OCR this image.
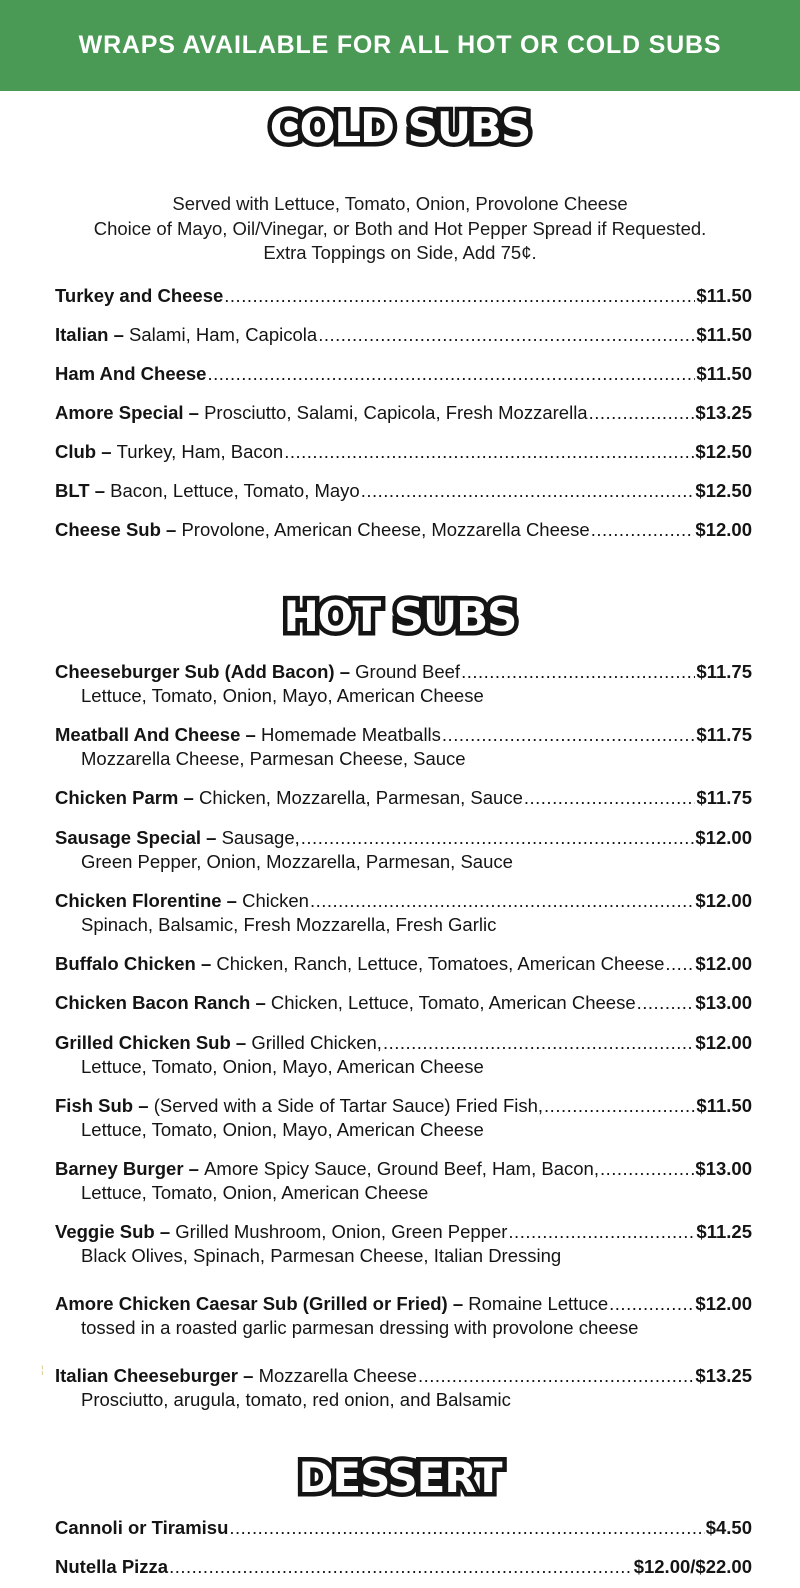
WRAPS AVAILABLE FOR ALL HOT OR COLD SUBS
COLD SUBS
Served with Lettuce, Tomato, Onion, Provolone Cheese
Choice of Mayo, Oil/Vinegar, or Both and Hot Pepper Spread if Requested.
Extra Toppings on Side, Add 75¢.
Turkey and Cheese .....	$11.50
Italian –
Salami, Ham, Capicola .....	$11.50
Ham And Cheese .....	$11.50
Amore Special –
Prosciutto, Salami, Capicola, Fresh Mozzarella .....	$13.25
Club –
Turkey, Ham, Bacon .....	$12.50
BLT –
Bacon, Lettuce, Tomato, Mayo .....	$12.50
Cheese Sub –
Provolone, American Cheese, Mozzarella Cheese .....	$12.00
HOT SUBS
Cheeseburger Sub (Add Bacon) –
Ground Beef .....	$11.75
Lettuce, Tomato, Onion, Mayo, American Cheese
Meatball And Cheese –
Homemade Meatballs .....	$11.75
Mozzarella Cheese, Parmesan Cheese, Sauce
Chicken Parm –
Chicken, Mozzarella, Parmesan, Sauce .....	$11.75
Sausage Special –
Sausage, .....	$12.00
Green Pepper, Onion, Mozzarella, Parmesan, Sauce
Chicken Florentine –
Chicken .....	$12.00
Spinach, Balsamic, Fresh Mozzarella, Fresh Garlic
Buffalo Chicken –
Chicken, Ranch, Lettuce, Tomatoes, American Cheese ..... $12.00
Chicken Bacon Ranch –
Chicken, Lettuce, Tomato, American Cheese .....	$13.00
Grilled Chicken Sub –
Grilled Chicken, .....	$12.00
Lettuce, Tomato, Onion, Mayo, American Cheese
Fish Sub –
(Served with a Side of Tartar Sauce) Fried Fish, .....	$11.50
Lettuce, Tomato, Onion, Mayo, American Cheese
Barney Burger –
Amore Spicy Sauce, Ground Beef, Ham, Bacon, .....	$13.00
Lettuce, Tomato, Onion, American Cheese
Veggie Sub –
Grilled Mushroom, Onion, Green Pepper .....	$11.25
Black Olives, Spinach, Parmesan Cheese, Italian Dressing
Amore Chicken Caesar Sub (Grilled or Fried) –
Romaine Lettuce .....	$12.00
tossed in a roasted garlic parmesan dressing with provolone cheese
Italian Cheeseburger –
Mozzarella Cheese .....	$13.25
Prosciutto, arugula, tomato, red onion, and Balsamic
¦
DESSERT
Cannoli or Tiramisu .....	$4.50
Nutella Pizza .....	$12.00/$22.00
